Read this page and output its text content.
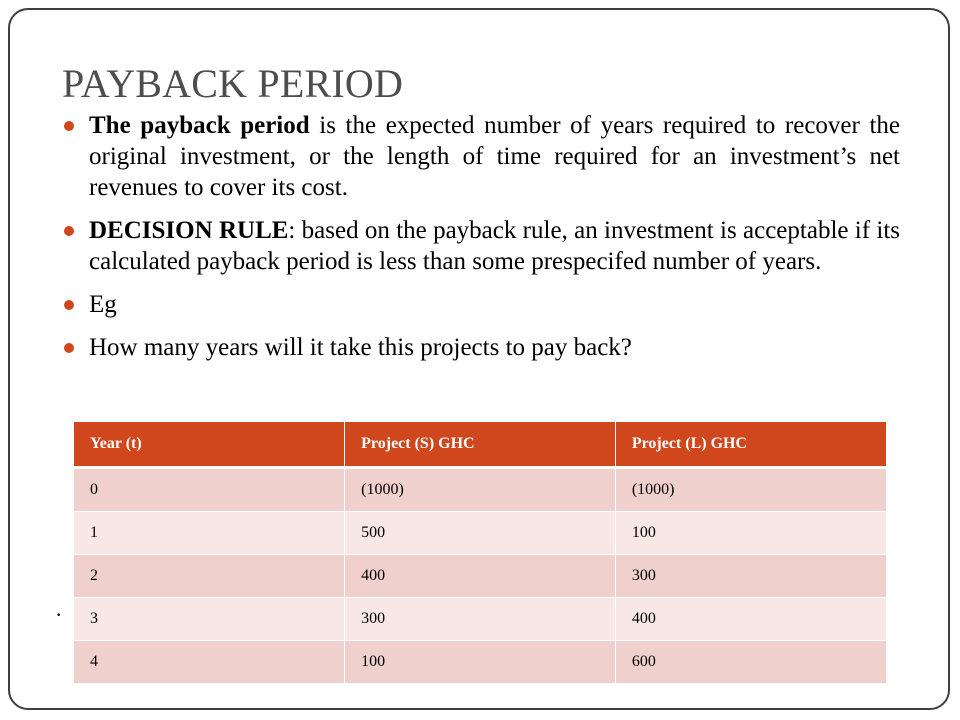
PAYBACK PERIOD
The payback period is the expected number of years required to recover the original investment, or the length of time required for an investment’s net revenues to cover its cost.
DECISION RULE: based on the payback rule, an investment is acceptable if its calculated payback period is less than some prespecifed number of years.
Eg
How many years will it take this projects to pay back?
Year (t)	Project (S) GHC	Project (L) GHC
0	(1000)	(1000)
1	500	100
2	400	300
3	300	400
4	100	600
.
